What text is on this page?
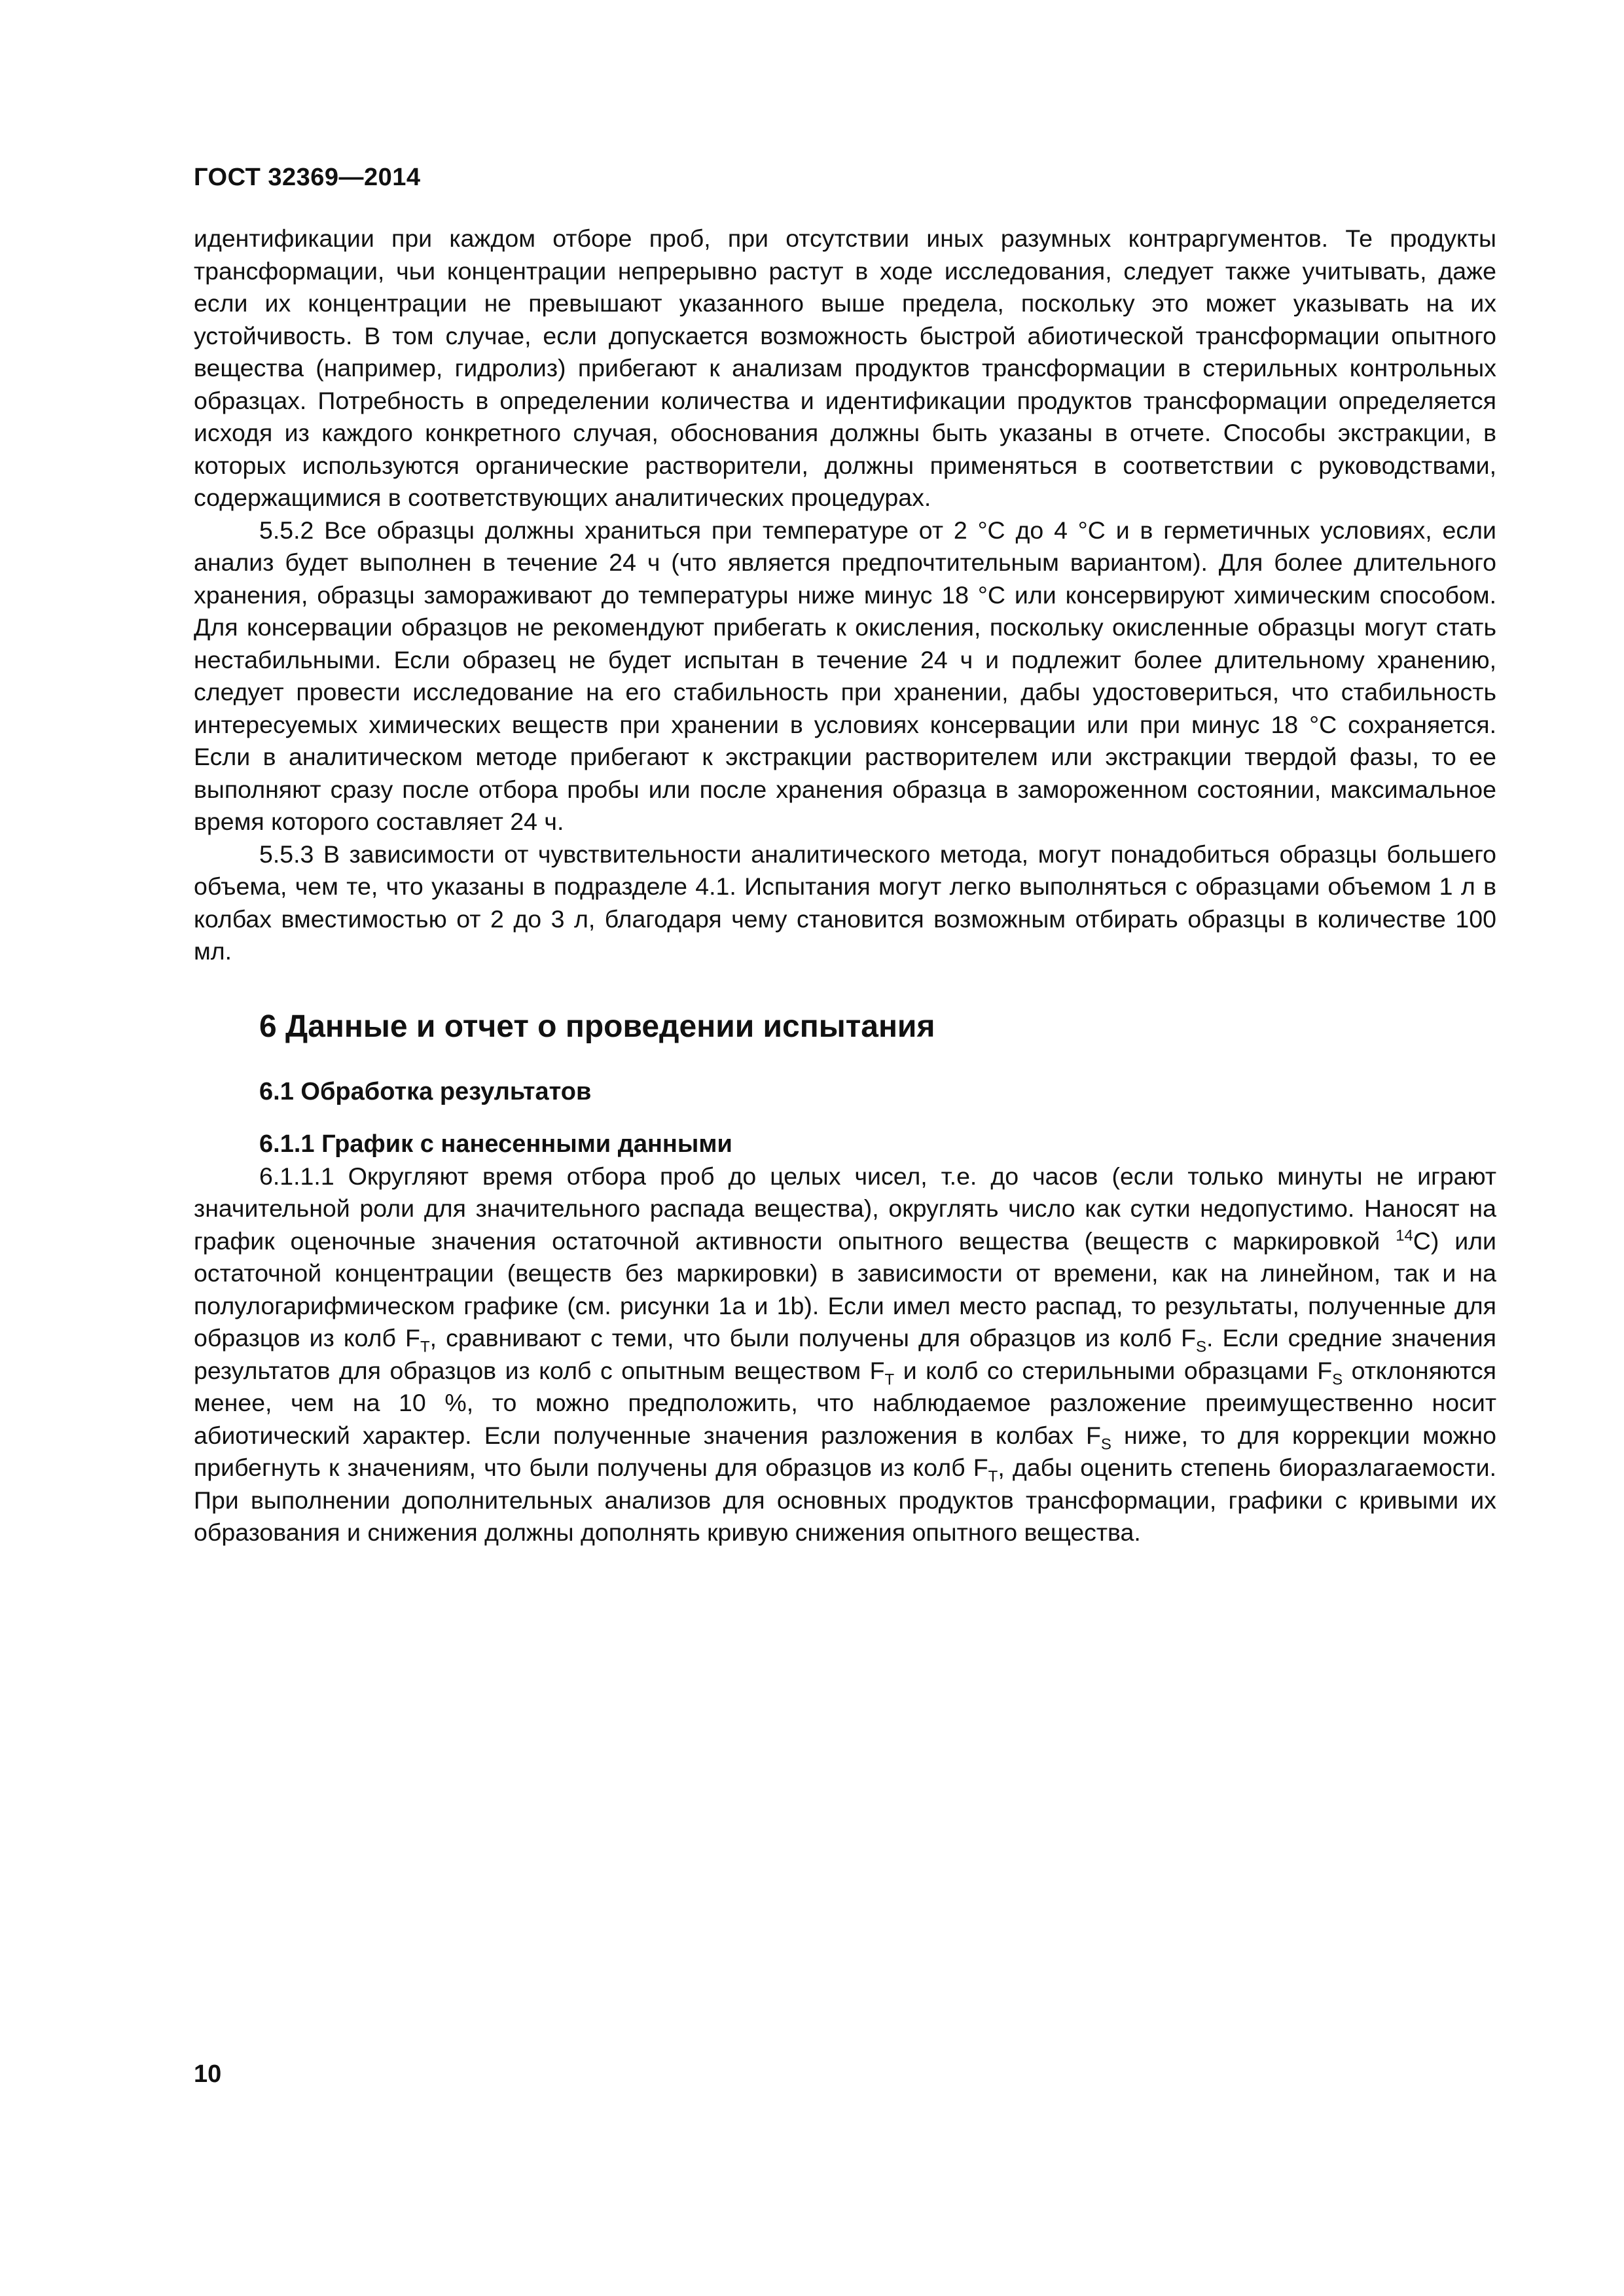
ГОСТ 32369—2014

идентификации при каждом отборе проб, при отсутствии иных разумных контраргументов. Те продукты трансформации, чьи концентрации непрерывно растут в ходе исследования, следует также учитывать, даже если их концентрации не превышают указанного выше предела, поскольку это может указывать на их устойчивость. В том случае, если допускается возможность быстрой абиотической трансформации опытного вещества (например, гидролиз) прибегают к анализам продуктов трансформации в стерильных контрольных образцах. Потребность в определении количества и идентификации продуктов трансформации определяется исходя из каждого конкретного случая, обоснования должны быть указаны в отчете. Способы экстракции, в которых используются органические растворители, должны применяться в соответствии с руководствами, содержащимися в соответствующих аналитических процедурах.

5.5.2 Все образцы должны храниться при температуре от 2 °С до 4 °С и в герметичных условиях, если анализ будет выполнен в течение 24 ч (что является предпочтительным вариантом). Для более длительного хранения, образцы замораживают до температуры ниже минус 18 °С или консервируют химическим способом. Для консервации образцов не рекомендуют прибегать к окисления, поскольку окисленные образцы могут стать нестабильными. Если образец не будет испытан в течение 24 ч и подлежит более длительному хранению, следует провести исследование на его стабильность при хранении, дабы удостовериться, что стабильность интересуемых химических веществ при хранении в условиях консервации или при минус 18 °С сохраняется. Если в аналитическом методе прибегают к экстракции растворителем или экстракции твердой фазы, то ее выполняют сразу после отбора пробы или после хранения образца в замороженном состоянии, максимальное время которого составляет 24 ч.

5.5.3 В зависимости от чувствительности аналитического метода, могут понадобиться образцы большего объема, чем те, что указаны в подразделе 4.1. Испытания могут легко выполняться с образцами объемом 1 л в колбах вместимостью от 2 до 3 л, благодаря чему становится возможным отбирать образцы в количестве 100 мл.

6 Данные и отчет о проведении испытания
6.1 Обработка результатов
6.1.1 График с нанесенными данными

6.1.1.1 Округляют время отбора проб до целых чисел, т.е. до часов (если только минуты не играют значительной роли для значительного распада вещества), округлять число как сутки недопустимо. Наносят на график оценочные значения остаточной активности опытного вещества (веществ с маркировкой $^{14}$С) или остаточной концентрации (веществ без маркировки) в зависимости от времени, как на линейном, так и на полулогарифмическом графике (см. рисунки 1а и 1b). Если имел место распад, то результаты, полученные для образцов из колб $F_T$, сравнивают с теми, что были получены для образцов из колб $F_S$. Если средние значения результатов для образцов из колб с опытным веществом $F_T$ и колб со стерильными образцами $F_S$ отклоняются менее, чем на 10 %, то можно предположить, что наблюдаемое разложение преимущественно носит абиотический характер. Если полученные значения разложения в колбах $F_S$ ниже, то для коррекции можно прибегнуть к значениям, что были получены для образцов из колб $F_T$, дабы оценить степень биоразлагаемости. При выполнении дополнительных анализов для основных продуктов трансформации, графики с кривыми их образования и снижения должны дополнять кривую снижения опытного вещества.

10
